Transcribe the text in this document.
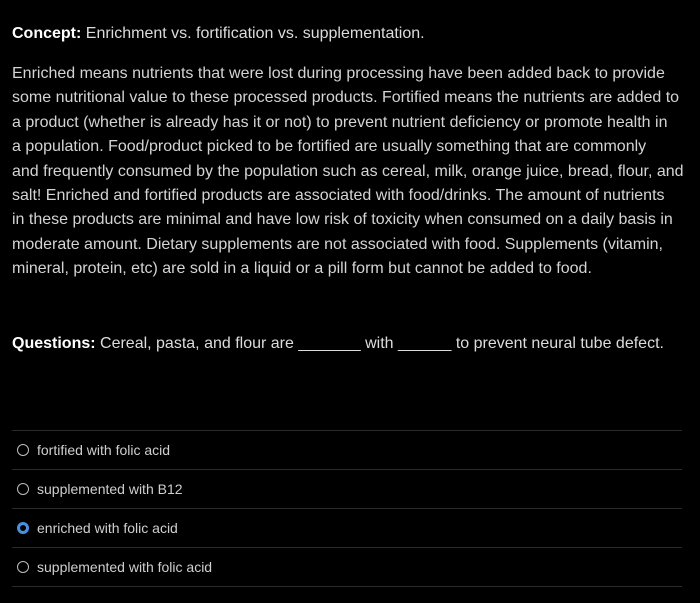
Concept: Enrichment vs. fortification vs. supplementation.
Enriched means nutrients that were lost during processing have been added back to provide
some nutritional value to these processed products. Fortified means the nutrients are added to
a product (whether is already has it or not) to prevent nutrient deficiency or promote health in
a population. Food/product picked to be fortified are usually something that are commonly
and frequently consumed by the population such as cereal, milk, orange juice, bread, flour, and
salt! Enriched and fortified products are associated with food/drinks. The amount of nutrients
in these products are minimal and have low risk of toxicity when consumed on a daily basis in
moderate amount. Dietary supplements are not associated with food. Supplements (vitamin,
mineral, protein, etc) are sold in a liquid or a pill form but cannot be added to food.
Questions: Cereal, pasta, and flour are _______ with ______ to prevent neural tube defect.
fortified with folic acid
supplemented with B12
enriched with folic acid
supplemented with folic acid
